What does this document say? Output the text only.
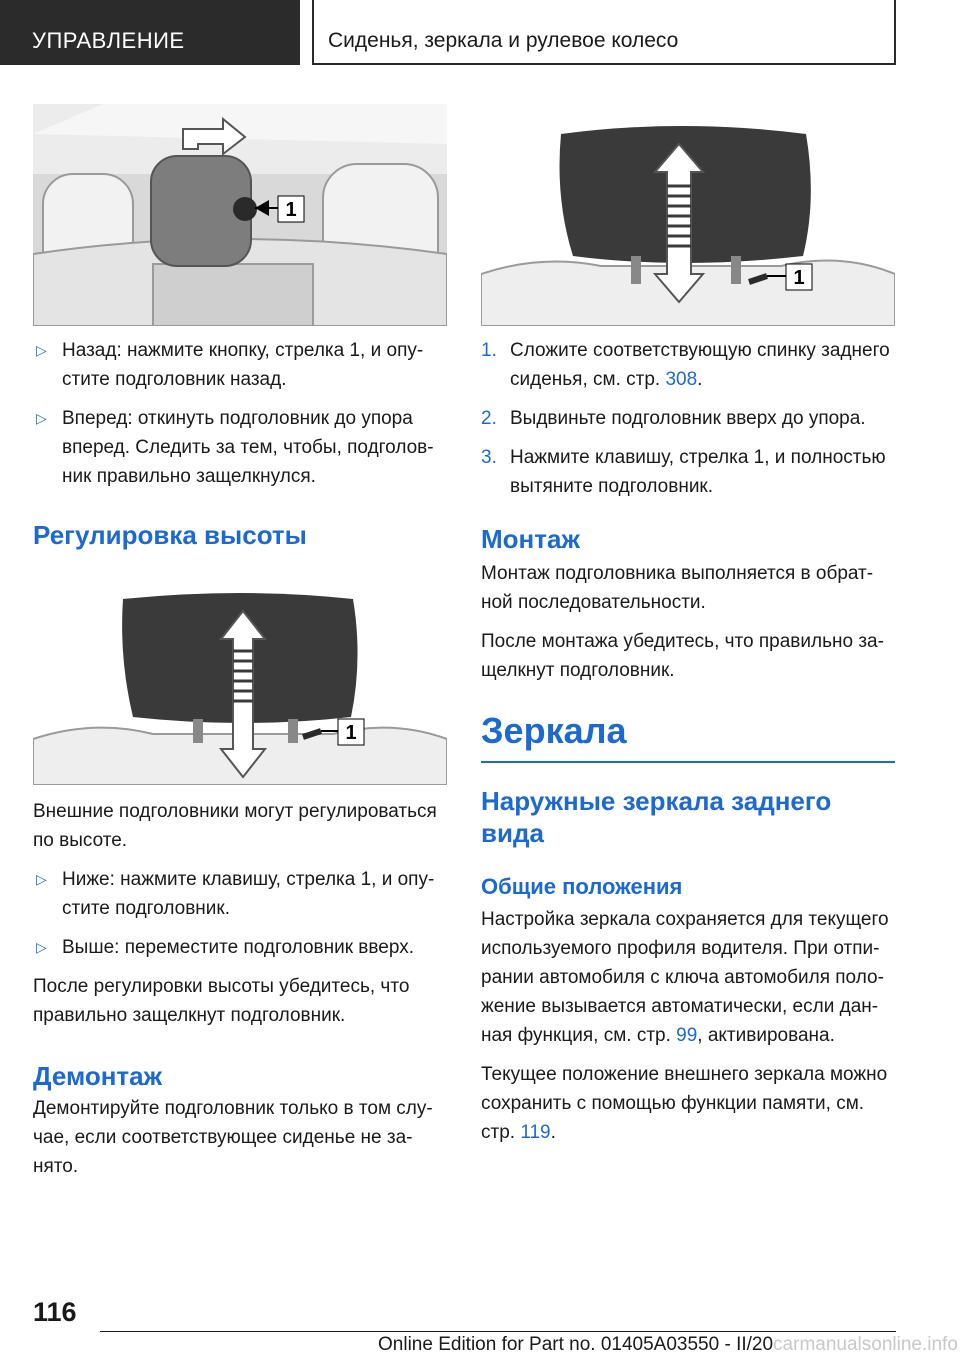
УПРАВЛЕНИЕ	Сиденья, зеркала и рулевое колесо
1
▷ Назад: нажмите кнопку, стрелка 1, и опустите подголовник назад.
▷ Вперед: откинуть подголовник до упора вперед. Следить за тем, чтобы, подголовник правильно защелкнулся.
Регулировка высоты
1

Внешние подголовники могут регулироваться по высоте.

▷ Ниже: нажмите клавишу, стрелка 1, и опустите подголовник.
▷ Выше: переместите подголовник вверх.

После регулировки высоты убедитесь, что правильно защелкнут подголовник.

Демонтаж

Демонтируйте подголовник только в том случае, если соответствующее сиденье не занято.

1
1. Сложите соответствующую спинку заднего сиденья, см. стр. 308.
2. Выдвиньте подголовник вверх до упора.
3. Нажмите клавишу, стрелка 1, и полностью вытяните подголовник.
Монтаж

Монтаж подголовника выполняется в обратной последовательности.

После монтажа убедитесь, что правильно защелкнут подголовник.

Зеркала
Наружные зеркала заднего вида
Общие положения

Настройка зеркала сохраняется для текущего используемого профиля водителя. При отпирании автомобиля с ключа автомобиля положение вызывается автоматически, если данная функция, см. стр. 99, активирована.

Текущее положение внешнего зеркала можно сохранить с помощью функции памяти, см. стр. 119.

116
Online Edition for Part no. 01405A03550 - II/20carmanualsonline.info
